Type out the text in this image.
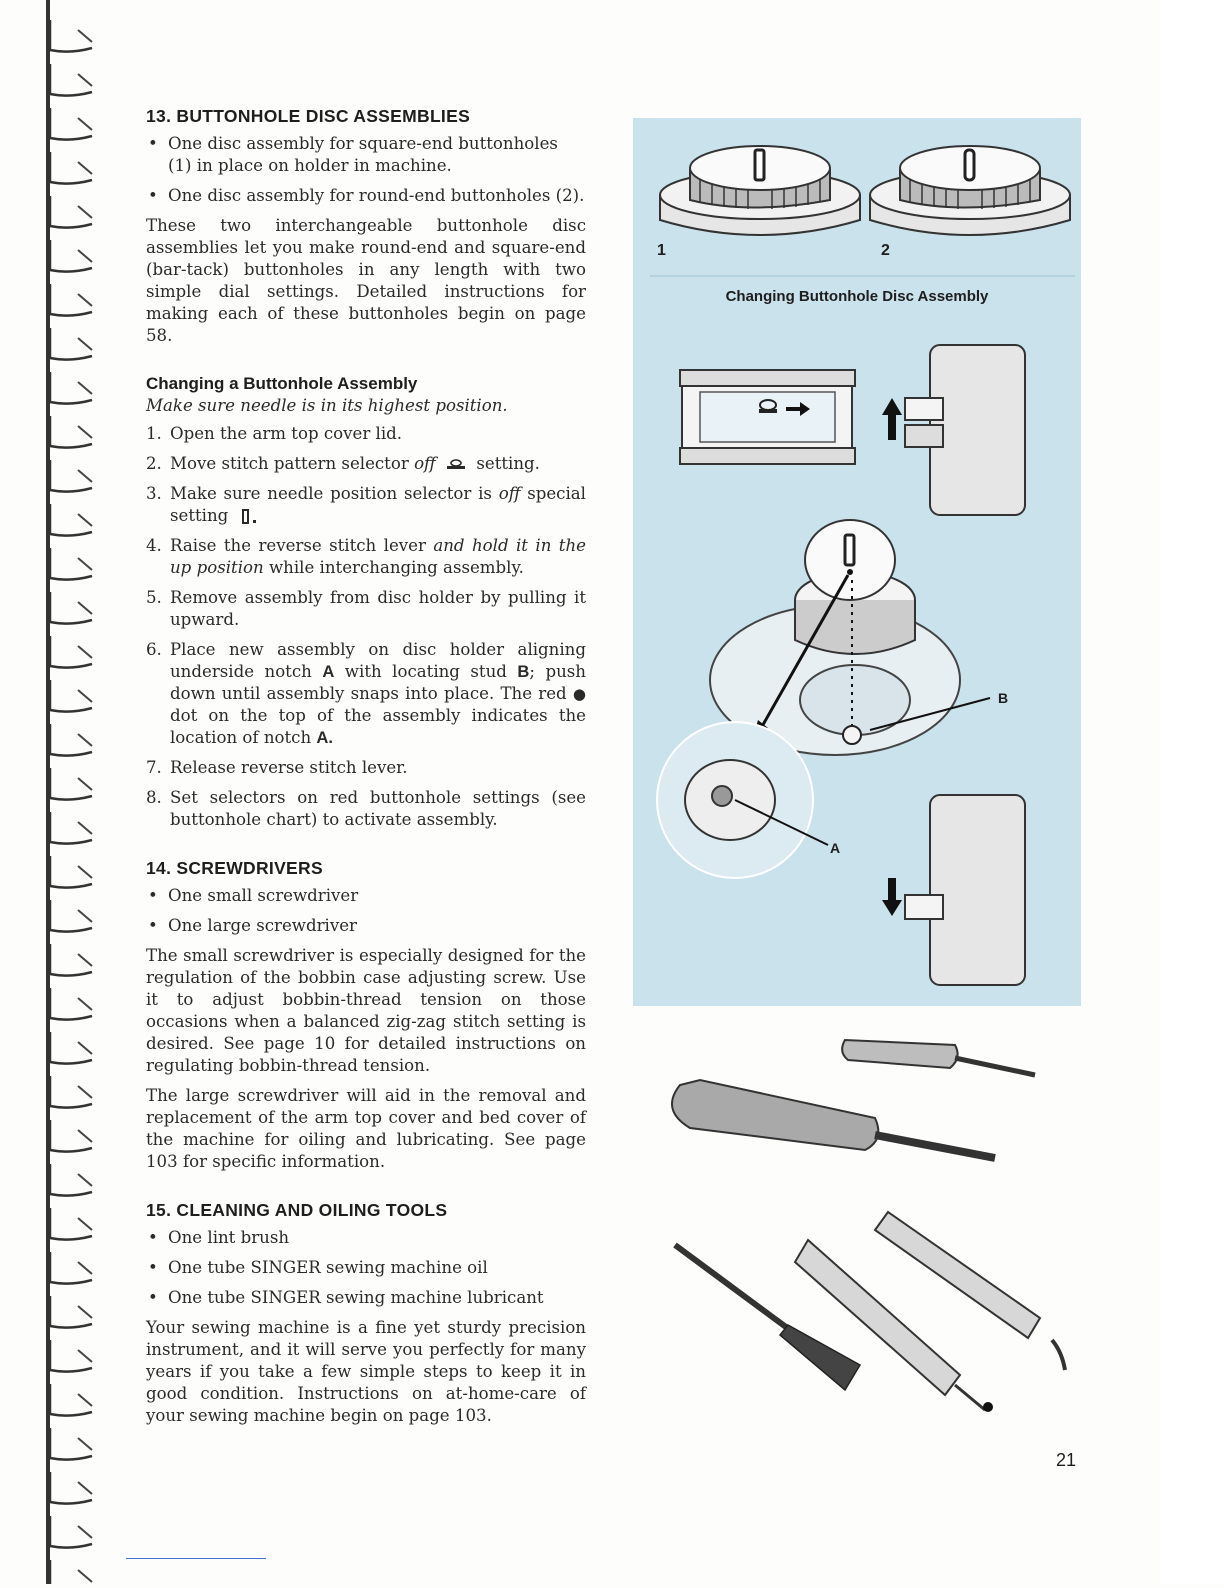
13. BUTTONHOLE DISC ASSEMBLIES
• One disc assembly for square-end buttonholes (1) in place on holder in machine.
• One disc assembly for round-end buttonholes (2).

These two interchangeable buttonhole disc assemblies let you make round-end and square-end (bar-tack) buttonholes in any length with two simple dial settings. Detailed instructions for making each of these buttonholes begin on page 58.

Changing a Buttonhole Assembly
Make sure needle is in its highest position.
1. Open the arm top cover lid.
2. Move stitch pattern selector off  setting.
3. Make sure needle position selector is off special setting
4. Raise the reverse stitch lever and hold it in the up position while interchanging assembly.
5. Remove assembly from disc holder by pulling it upward.
6. Place new assembly on disc holder aligning underside notch A with locating stud B; push down until assembly snaps into place. The red ● dot on the top of the assembly indicates the location of notch A.
7. Release reverse stitch lever.
8. Set selectors on red buttonhole settings (see buttonhole chart) to activate assembly.
14. SCREWDRIVERS
• One small screwdriver
• One large screwdriver

The small screwdriver is especially designed for the regulation of the bobbin case adjusting screw. Use it to adjust bobbin-thread tension on those occasions when a balanced zig-zag stitch setting is desired. See page 10 for detailed instructions on regulating bobbin-thread tension.

The large screwdriver will aid in the removal and replacement of the arm top cover and bed cover of the machine for oiling and lubricating. See page 103 for specific information.

15. CLEANING AND OILING TOOLS
• One lint brush
• One tube SINGER sewing machine oil
• One tube SINGER sewing machine lubricant

Your sewing machine is a fine yet sturdy precision instrument, and it will serve you perfectly for many years if you take a few simple steps to keep it in good condition. Instructions on at-home-care of your sewing machine begin on page 103.

1	2
Changing Buttonhole Disc Assembly
B
A
21
